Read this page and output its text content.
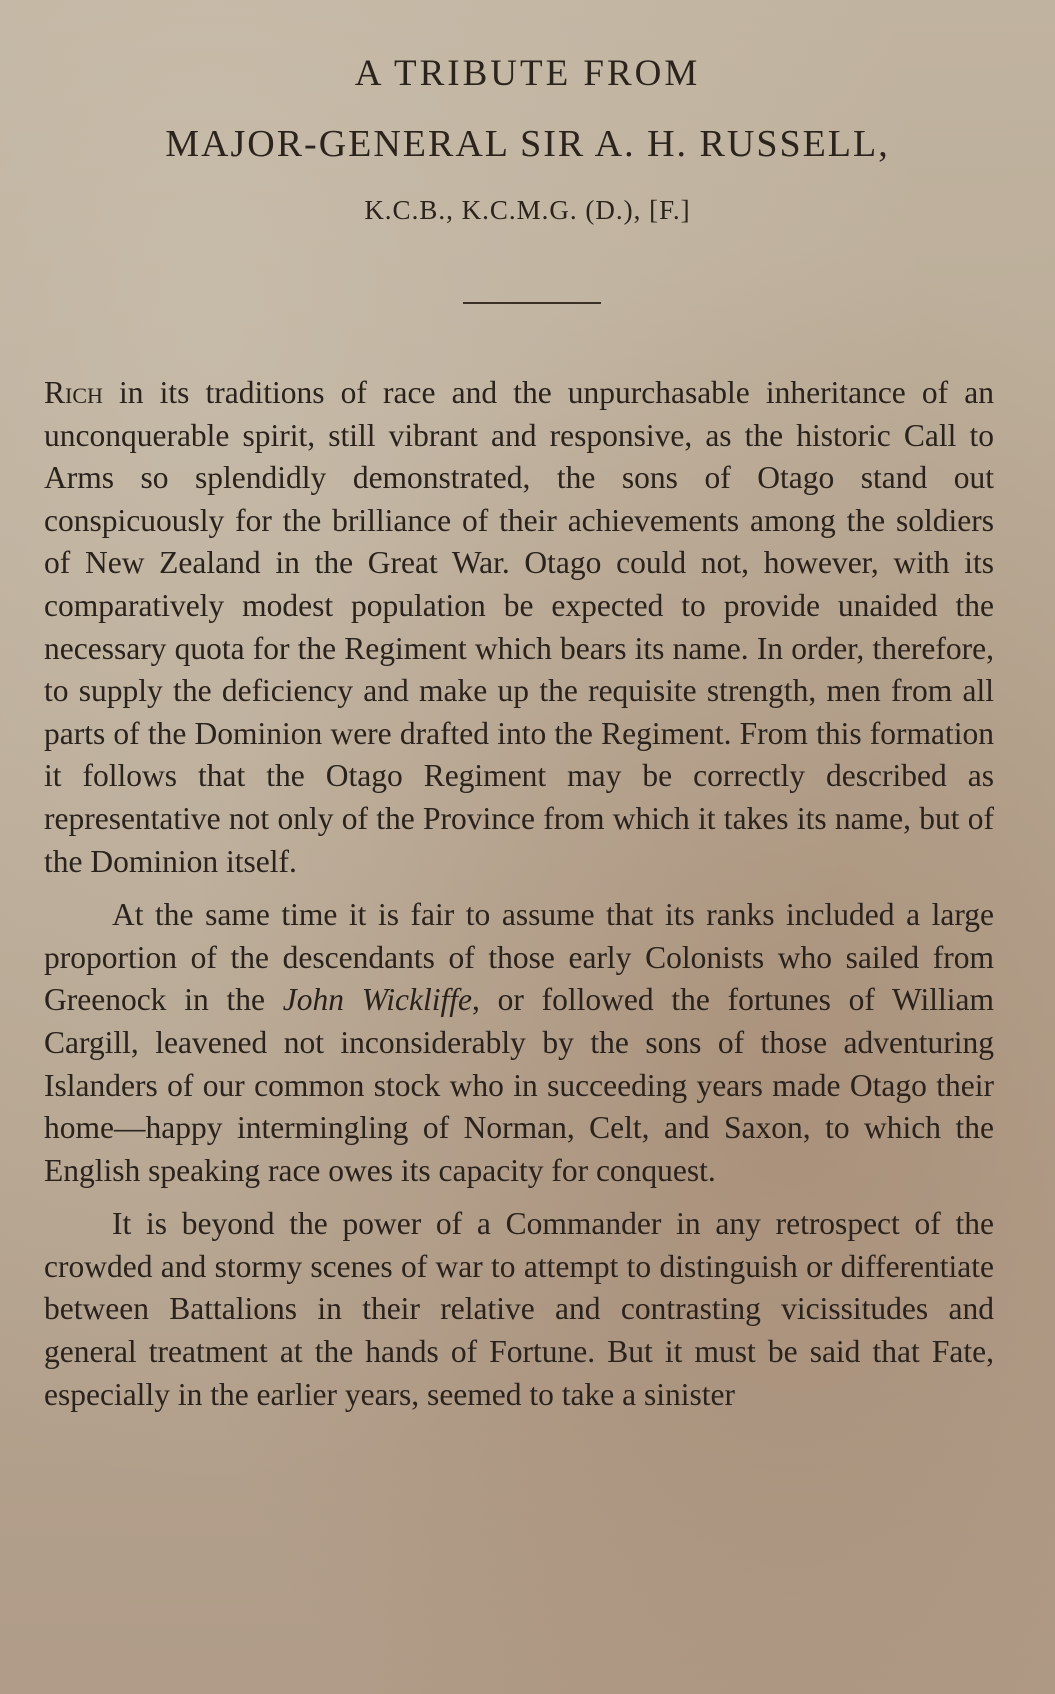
A TRIBUTE FROM
MAJOR-GENERAL SIR A. H. RUSSELL,
K.C.B., K.C.M.G. (D.), [F.]

Rich in its traditions of race and the unpurchasable inheritance of an unconquerable spirit, still vibrant and responsive, as the historic Call to Arms so splendidly demonstrated, the sons of Otago stand out conspicuously for the brilliance of their achievements among the soldiers of New Zealand in the Great War. Otago could not, however, with its comparatively modest population be expected to provide unaided the necessary quota for the Regiment which bears its name. In order, therefore, to supply the deficiency and make up the requisite strength, men from all parts of the Dominion were drafted into the Regiment. From this formation it follows that the Otago Regiment may be correctly described as representative not only of the Province from which it takes its name, but of the Dominion itself.

At the same time it is fair to assume that its ranks included a large proportion of the descendants of those early Colonists who sailed from Greenock in the John Wickliffe, or followed the fortunes of William Cargill, leavened not inconsiderably by the sons of those adventuring Islanders of our common stock who in succeeding years made Otago their home—happy intermingling of Norman, Celt, and Saxon, to which the English speaking race owes its capacity for conquest.

It is beyond the power of a Commander in any retrospect of the crowded and stormy scenes of war to attempt to distinguish or differentiate between Battalions in their relative and contrasting vicissitudes and general treatment at the hands of Fortune. But it must be said that Fate, especially in the earlier years, seemed to take a sinister
